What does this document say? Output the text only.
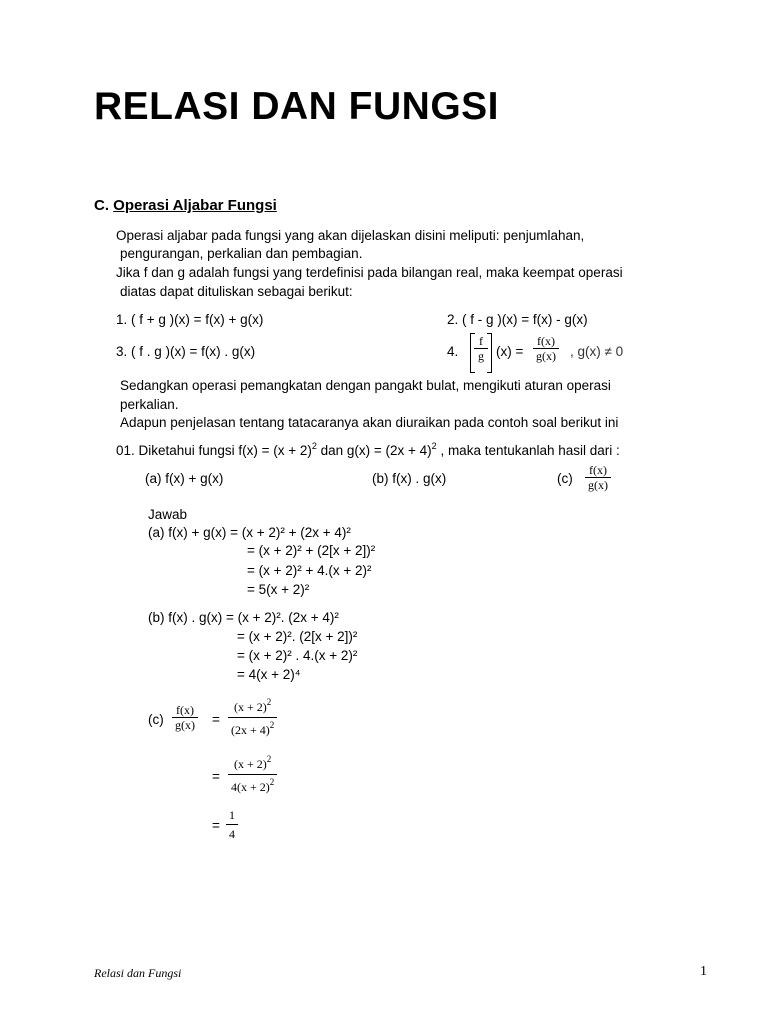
RELASI DAN FUNGSI
C. Operasi Aljabar Fungsi
Operasi aljabar pada fungsi yang akan dijelaskan disini meliputi: penjumlahan,
pengurangan, perkalian dan pembagian.
Jika f dan g adalah fungsi yang terdefinisi pada bilangan real, maka keempat operasi
diatas dapat dituliskan sebagai berikut:
1. ( f + g )(x) = f(x) + g(x)	2. ( f - g )(x) = f(x) - g(x)
3. ( f . g )(x) = f(x) . g(x)	4.
f
g (x) =
f(x)
g(x) , g(x) ≠ 0
Sedangkan operasi pemangkatan dengan pangakt bulat, mengikuti aturan operasi
perkalian.
Adapun penjelasan tentang tatacaranya akan diuraikan pada contoh soal berikut ini
01. Diketahui fungsi $f(x) = (x + 2)^2$ dan $g(x) = (2x + 4)^2$ , maka tentukanlah hasil dari :
(a) f(x) + g(x)	(b) f(x) . g(x)	(c)
f(x)
g(x)
Jawab
(a) f(x) + g(x) = (x + 2)² + (2x + 4)²
= (x + 2)² + (2[x + 2])²
= (x + 2)² + 4.(x + 2)²
= 5(x + 2)²
(b) f(x) . g(x) = (x + 2)². (2x + 4)²
= (x + 2)². (2[x + 2])²
= (x + 2)² . 4.(x + 2)²
= 4(x + 2)⁴
(c)
f(x)
g(x) =
$(x + 2)^2$
$(2x + 4)^2$
=
$(x + 2)^2$
$4(x + 2)^2$
=
1
4
Relasi dan Fungsi	1
